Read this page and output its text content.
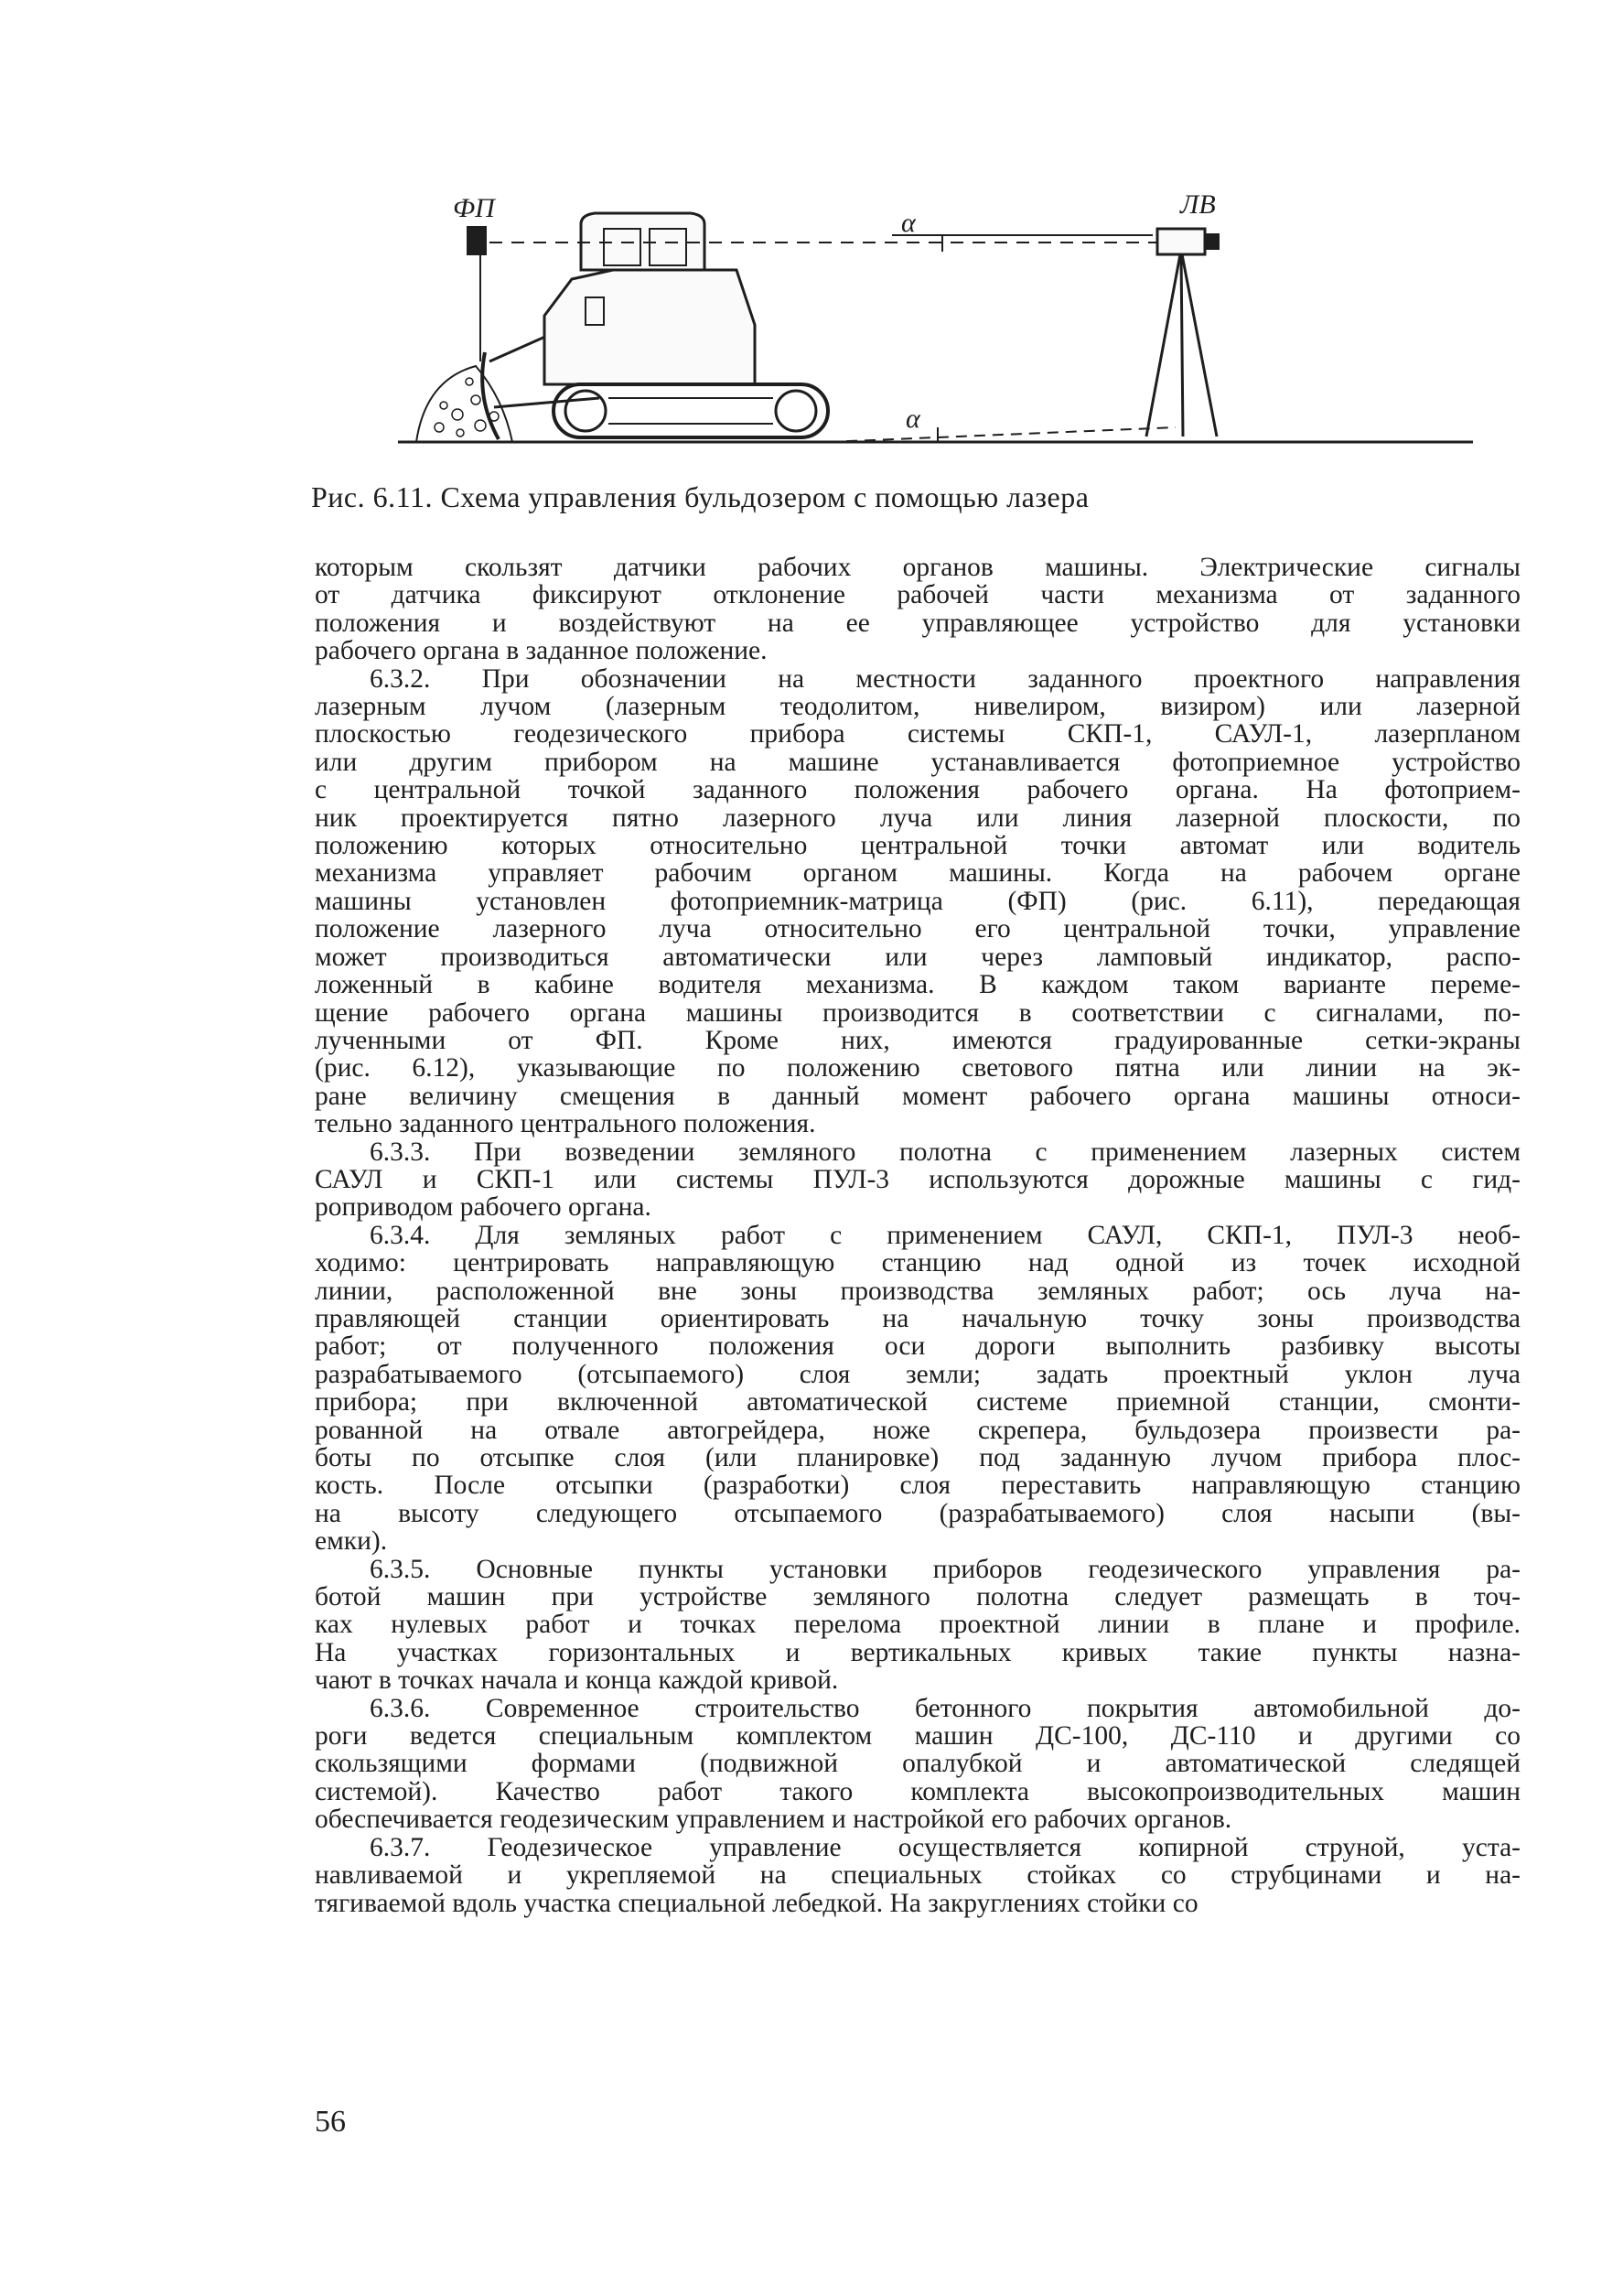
ФП	ЛВ
α
α
Рис. 6.11. Схема управления бульдозером с помощью лазера
которым скользят датчики рабочих органов машины. Электрические сигналы
от датчика фиксируют отклонение рабочей части механизма от заданного
положения и воздействуют на ее управляющее устройство для установки
рабочего органа в заданное положение.
6.3.2. При обозначении на местности заданного проектного направления
лазерным лучом (лазерным теодолитом, нивелиром, визиром) или лазерной
плоскостью геодезического прибора системы СКП-1, САУЛ-1, лазерпланом
или другим прибором на машине устанавливается фотоприемное устройство
с центральной точкой заданного положения рабочего органа. На фотоприем-
ник проектируется пятно лазерного луча или линия лазерной плоскости, по
положению которых относительно центральной точки автомат или водитель
механизма управляет рабочим органом машины. Когда на рабочем органе
машины установлен фотоприемник-матрица (ФП) (рис. 6.11), передающая
положение лазерного луча относительно его центральной точки, управление
может производиться автоматически или через ламповый индикатор, распо-
ложенный в кабине водителя механизма. В каждом таком варианте переме-
щение рабочего органа машины производится в соответствии с сигналами, по-
лученными от ФП. Кроме них, имеются градуированные сетки-экраны
(рис. 6.12), указывающие по положению светового пятна или линии на эк-
ране величину смещения в данный момент рабочего органа машины относи-
тельно заданного центрального положения.
6.3.3. При возведении земляного полотна с применением лазерных систем
САУЛ и СКП-1 или системы ПУЛ-3 используются дорожные машины с гид-
роприводом рабочего органа.
6.3.4. Для земляных работ с применением САУЛ, СКП-1, ПУЛ-3 необ-
ходимо: центрировать направляющую станцию над одной из точек исходной
линии, расположенной вне зоны производства земляных работ; ось луча на-
правляющей станции ориентировать на начальную точку зоны производства
работ; от полученного положения оси дороги выполнить разбивку высоты
разрабатываемого (отсыпаемого) слоя земли; задать проектный уклон луча
прибора; при включенной автоматической системе приемной станции, смонти-
рованной на отвале автогрейдера, ноже скрепера, бульдозера произвести ра-
боты по отсыпке слоя (или планировке) под заданную лучом прибора плос-
кость. После отсыпки (разработки) слоя переставить направляющую станцию
на высоту следующего отсыпаемого (разрабатываемого) слоя насыпи (вы-
емки).
6.3.5. Основные пункты установки приборов геодезического управления ра-
ботой машин при устройстве земляного полотна следует размещать в точ-
ках нулевых работ и точках перелома проектной линии в плане и профиле.
На участках горизонтальных и вертикальных кривых такие пункты назна-
чают в точках начала и конца каждой кривой.
6.3.6. Современное строительство бетонного покрытия автомобильной до-
роги ведется специальным комплектом машин ДС-100, ДС-110 и другими со
скользящими формами (подвижной опалубкой и автоматической следящей
системой). Качество работ такого комплекта высокопроизводительных машин
обеспечивается геодезическим управлением и настройкой его рабочих органов.
6.3.7. Геодезическое управление осуществляется копирной струной, уста-
навливаемой и укрепляемой на специальных стойках со струбцинами и на-
тягиваемой вдоль участка специальной лебедкой. На закруглениях стойки со
56
